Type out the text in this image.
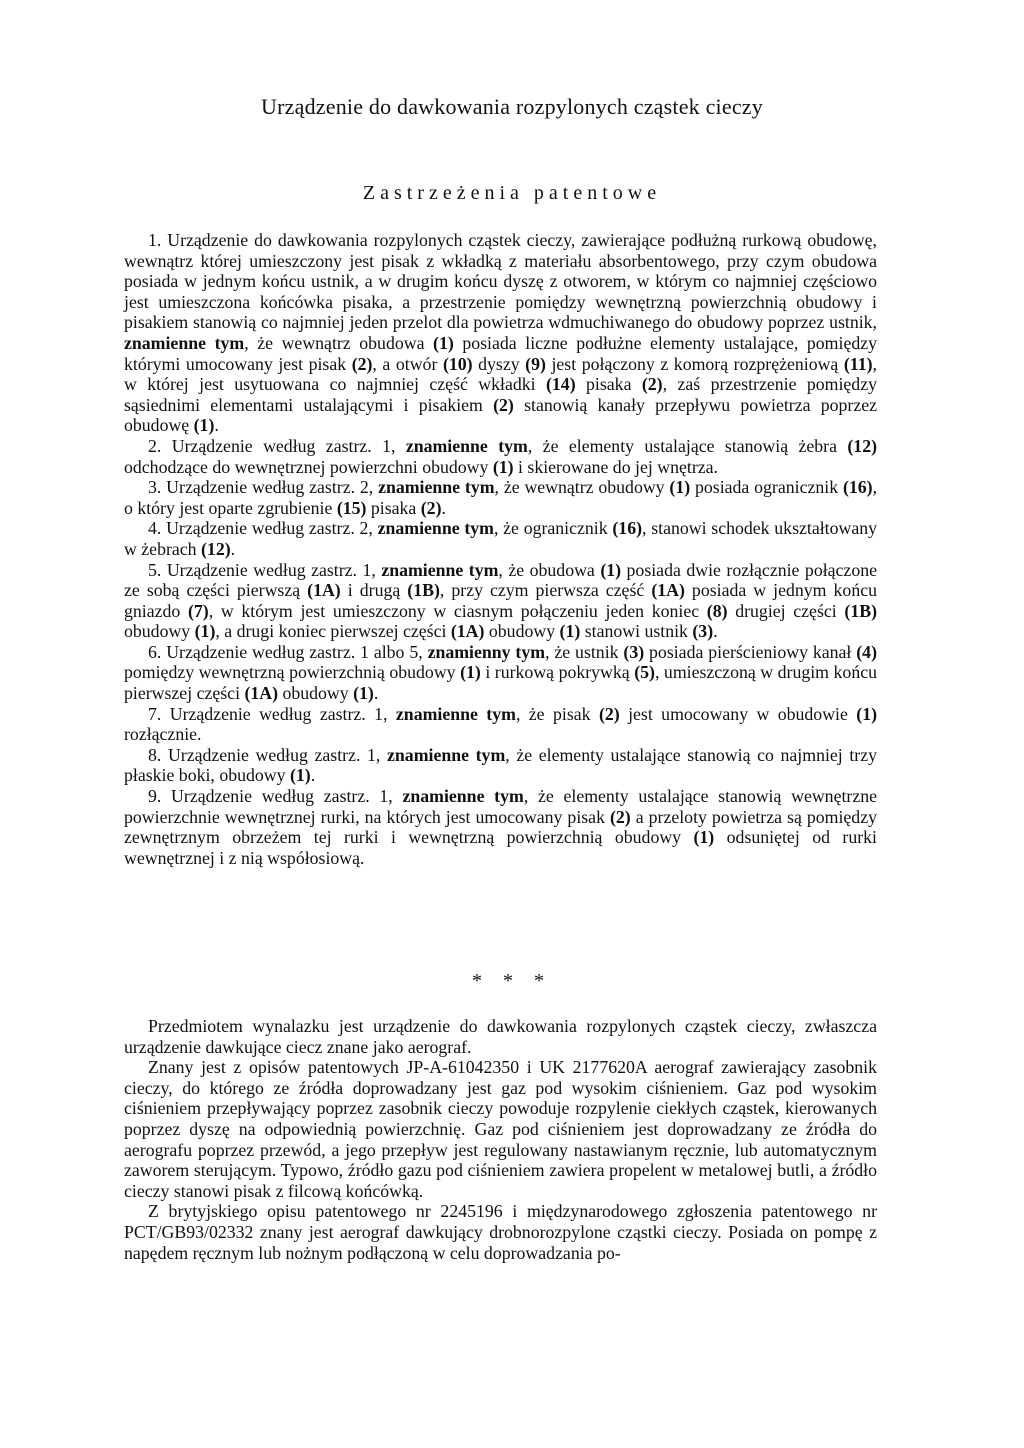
Urządzenie do dawkowania rozpylonych cząstek cieczy
Zastrzeżenia patentowe

1. Urządzenie do dawkowania rozpylonych cząstek cieczy, zawierające podłużną rurkową obudowę, wewnątrz której umieszczony jest pisak z wkładką z materiału absorbentowego, przy czym obudowa posiada w jednym końcu ustnik, a w drugim końcu dyszę z otworem, w którym co najmniej częściowo jest umieszczona końcówka pisaka, a przestrzenie pomiędzy wewnętrzną powierzchnią obudowy i pisakiem stanowią co najmniej jeden przelot dla powietrza wdmuchiwanego do obudowy poprzez ustnik, znamienne tym, że wewnątrz obudowa (1) posiada liczne podłużne elementy ustalające, pomiędzy którymi umocowany jest pisak (2), a otwór (10) dyszy (9) jest połączony z komorą rozprężeniową (11), w której jest usytuowana co najmniej część wkładki (14) pisaka (2), zaś przestrzenie pomiędzy sąsiednimi elementami ustalającymi i pisakiem (2) stanowią kanały przepływu powietrza poprzez obudowę (1).

2. Urządzenie według zastrz. 1, znamienne tym, że elementy ustalające stanowią żebra (12) odchodzące do wewnętrznej powierzchni obudowy (1) i skierowane do jej wnętrza.

3. Urządzenie według zastrz. 2, znamienne tym, że wewnątrz obudowy (1) posiada ogranicznik (16), o który jest oparte zgrubienie (15) pisaka (2).

4. Urządzenie według zastrz. 2, znamienne tym, że ogranicznik (16), stanowi schodek ukształtowany w żebrach (12).

5. Urządzenie według zastrz. 1, znamienne tym, że obudowa (1) posiada dwie rozłącznie połączone ze sobą części pierwszą (1A) i drugą (1B), przy czym pierwsza część (1A) posiada w jednym końcu gniazdo (7), w którym jest umieszczony w ciasnym połączeniu jeden koniec (8) drugiej części (1B) obudowy (1), a drugi koniec pierwszej części (1A) obudowy (1) stanowi ustnik (3).

6. Urządzenie według zastrz. 1 albo 5, znamienny tym, że ustnik (3) posiada pierścieniowy kanał (4) pomiędzy wewnętrzną powierzchnią obudowy (1) i rurkową pokrywką (5), umieszczoną w drugim końcu pierwszej części (1A) obudowy (1).

7. Urządzenie według zastrz. 1, znamienne tym, że pisak (2) jest umocowany w obudowie (1) rozłącznie.

8. Urządzenie według zastrz. 1, znamienne tym, że elementy ustalające stanowią co najmniej trzy płaskie boki, obudowy (1).

9. Urządzenie według zastrz. 1, znamienne tym, że elementy ustalające stanowią wewnętrzne powierzchnie wewnętrznej rurki, na których jest umocowany pisak (2) a przeloty powietrza są pomiędzy zewnętrznym obrzeżem tej rurki i wewnętrzną powierzchnią obudowy (1) odsuniętej od rurki wewnętrznej i z nią współosiową.

* * *

Przedmiotem wynalazku jest urządzenie do dawkowania rozpylonych cząstek cieczy, zwłaszcza urządzenie dawkujące ciecz znane jako aerograf.

Znany jest z opisów patentowych JP-A-61042350 i UK 2177620A aerograf zawierający zasobnik cieczy, do którego ze źródła doprowadzany jest gaz pod wysokim ciśnieniem. Gaz pod wysokim ciśnieniem przepływający poprzez zasobnik cieczy powoduje rozpylenie ciekłych cząstek, kierowanych poprzez dyszę na odpowiednią powierzchnię. Gaz pod ciśnieniem jest doprowadzany ze źródła do aerografu poprzez przewód, a jego przepływ jest regulowany nastawianym ręcznie, lub automatycznym zaworem sterującym. Typowo, źródło gazu pod ciśnieniem zawiera propelent w metalowej butli, a źródło cieczy stanowi pisak z filcową końcówką.

Z brytyjskiego opisu patentowego nr 2245196 i międzynarodowego zgłoszenia patentowego nr PCT/GB93/02332 znany jest aerograf dawkujący drobnorozpylone cząstki cieczy. Posiada on pompę z napędem ręcznym lub nożnym podłączoną w celu doprowadzania po-
